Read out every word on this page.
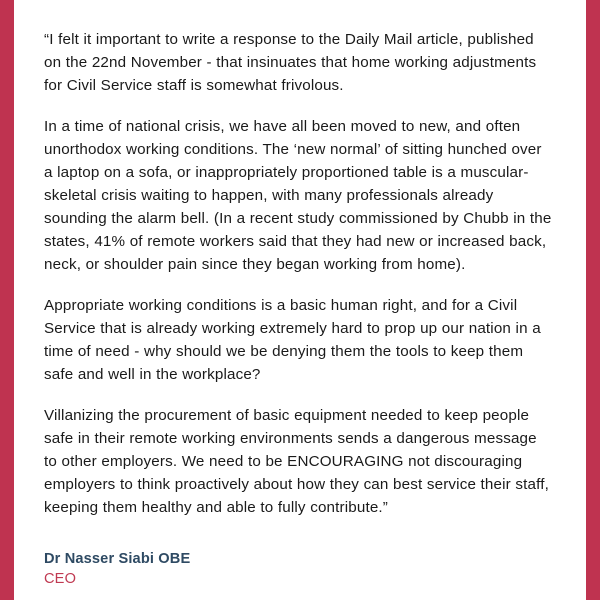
“I felt it important to write a response to the Daily Mail article, published on the 22nd November - that insinuates that home working adjustments for Civil Service staff is somewhat frivolous.

In a time of national crisis, we have all been moved to new, and often unorthodox working conditions. The ‘new normal’ of sitting hunched over a laptop on a sofa, or inappropriately proportioned table is a muscular-skeletal crisis waiting to happen, with many professionals already sounding the alarm bell. (In a recent study commissioned by Chubb in the states, 41% of remote workers said that they had new or increased back, neck, or shoulder pain since they began working from home).

Appropriate working conditions is a basic human right, and for a Civil Service that is already working extremely hard to prop up our nation in a time of need - why should we be denying them the tools to keep them safe and well in the workplace?

Villanizing the procurement of basic equipment needed to keep people safe in their remote working environments sends a dangerous message to other employers. We need to be ENCOURAGING not discouraging employers to think proactively about how they can best service their staff, keeping them healthy and able to fully contribute.”

Dr Nasser Siabi OBE
CEO
